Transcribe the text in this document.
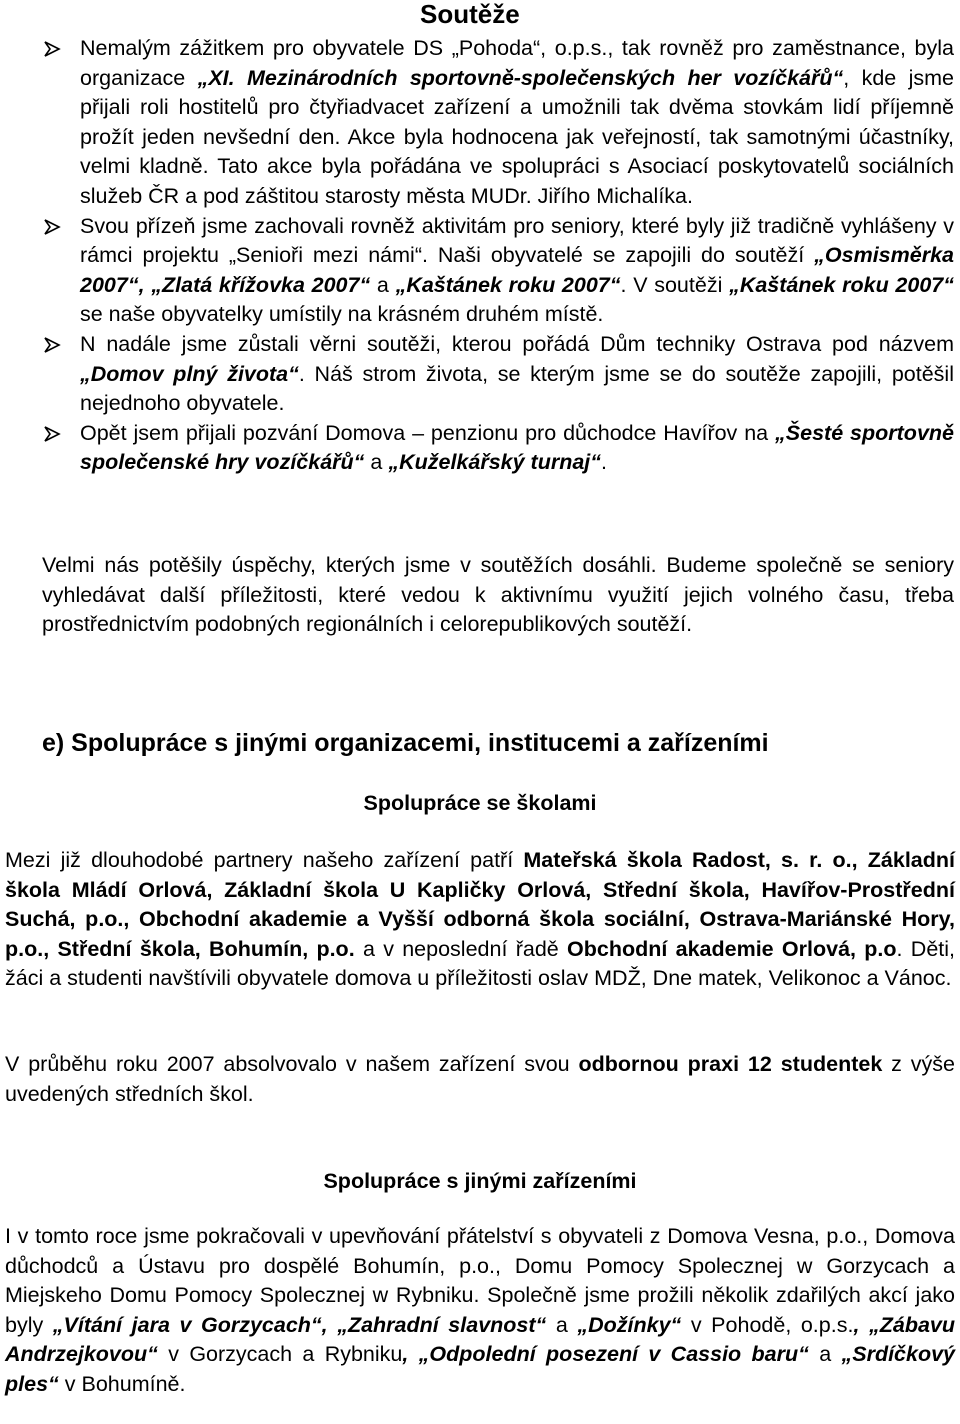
Soutěže
Nemalým zážitkem pro obyvatele DS „Pohoda“, o.p.s., tak rovněž pro zaměstnance, byla organizace „XI. Mezinárodních sportovně-společenských her vozíčkářů“, kde jsme přijali roli hostitelů pro čtyřiadvacet zařízení a umožnili tak dvěma stovkám lidí příjemně prožít jeden nevšední den. Akce byla hodnocena jak veřejností, tak samotnými účastníky, velmi kladně. Tato akce byla pořádána ve spolupráci s Asociací poskytovatelů sociálních služeb ČR a pod záštitou starosty města MUDr. Jiřího Michalíka.
Svou přízeň jsme zachovali rovněž aktivitám pro seniory, které byly již tradičně vyhlášeny v rámci projektu „Senioři mezi námi“. Naši obyvatelé se zapojili do soutěží „Osmisměrka 2007“, „Zlatá křížovka 2007“ a „Kaštánek roku 2007“. V soutěži „Kaštánek roku 2007“ se naše obyvatelky umístily na krásném druhém místě.
N nadále jsme zůstali věrni soutěži, kterou pořádá Dům techniky Ostrava pod názvem „Domov plný života“. Náš strom života, se kterým jsme se do soutěže zapojili, potěšil nejednoho obyvatele.
Opět jsem přijali pozvání Domova – penzionu pro důchodce Havířov na „Šesté sportovně společenské hry vozíčkářů“ a „Kuželkářský turnaj“.

Velmi nás potěšily úspěchy, kterých jsme v soutěžích dosáhli. Budeme společně se seniory vyhledávat další příležitosti, které vedou k aktivnímu využití jejich volného času, třeba prostřednictvím podobných regionálních i celorepublikových soutěží.

e) Spolupráce s jinými organizacemi, institucemi a zařízeními
Spolupráce se školami

Mezi již dlouhodobé partnery našeho zařízení patří Mateřská škola Radost, s. r. o., Základní škola Mládí Orlová, Základní škola U Kapličky Orlová, Střední škola, Havířov-Prostřední Suchá, p.o., Obchodní akademie a Vyšší odborná škola sociální, Ostrava-Mariánské Hory, p.o., Střední škola, Bohumín, p.o. a v neposlední řadě Obchodní akademie Orlová, p.o. Děti, žáci a studenti navštívili obyvatele domova u příležitosti oslav MDŽ, Dne matek, Velikonoc a Vánoc.

V průběhu roku 2007 absolvovalo v našem zařízení svou odbornou praxi 12 studentek z výše uvedených středních škol.

Spolupráce s jinými zařízeními

I v tomto roce jsme pokračovali v upevňování přátelství s obyvateli z Domova Vesna, p.o., Domova důchodců a Ústavu pro dospělé Bohumín, p.o., Domu Pomocy Spolecznej w Gorzycach a Miejskeho Domu Pomocy Spolecznej w Rybniku. Společně jsme prožili několik zdařilých akcí jako byly „Vítání jara v Gorzycach“, „Zahradní slavnost“ a „Dožínky“ v Pohodě, o.p.s., „Zábavu Andrzejkovou“ v Gorzycach a Rybniku, „Odpolední posezení v Cassio baru“ a „Srdíčkový ples“ v Bohumíně.
